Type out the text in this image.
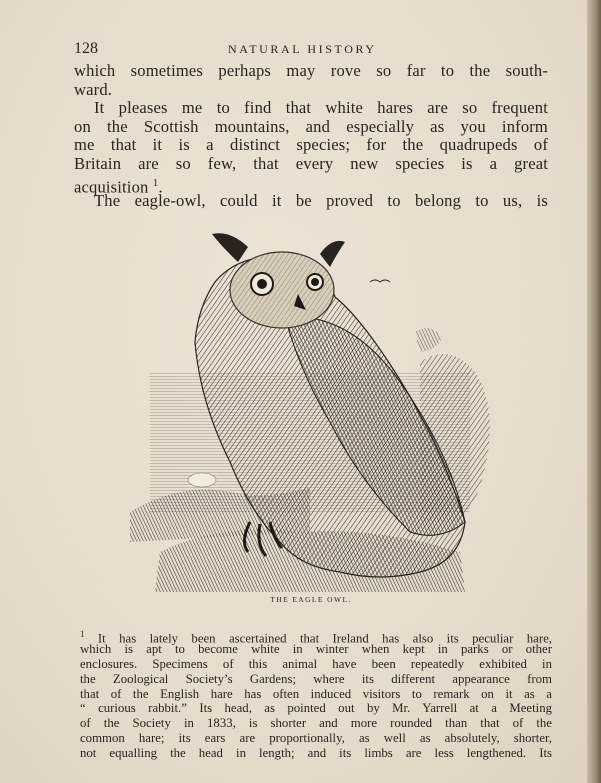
128	NATURAL HISTORY
which sometimes perhaps may rove so far to the south-
ward.
It pleases me to find that white hares are so frequent
on the Scottish mountains, and especially as you inform
me that it is a distinct species; for the quadrupeds of
Britain are so few, that every new species is a great
acquisition $^1$.
The eagle-owl, could it be proved to belong to us, is
THE EAGLE OWL.
$^1$ It has lately been ascertained that Ireland has also its peculiar hare,
which is apt to become white in winter when kept in parks or other
enclosures. Specimens of this animal have been repeatedly exhibited in
the Zoological Society’s Gardens; where its different appearance from
that of the English hare has often induced visitors to remark on it as a
“ curious rabbit.” Its head, as pointed out by Mr. Yarrell at a Meeting
of the Society in 1833, is shorter and more rounded than that of the
common hare; its ears are proportionally, as well as absolutely, shorter,
not equalling the head in length; and its limbs are less lengthened. Its
